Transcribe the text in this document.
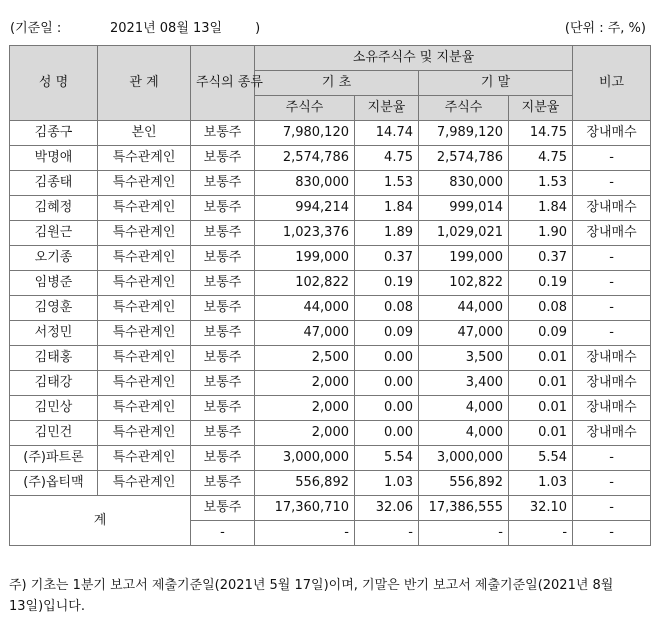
(기준일 :	2021년 08월 13일        )	(단위 : 주, %)
성 명	관 계	주식의 종류	소유주식수 및 지분율				비고
			기 초		기 말		
			주식수	지분율	주식수	지분율	
김종구	본인	보통주	7,980,120	14.74	7,989,120	14.75	장내매수
박명애	특수관계인	보통주	2,574,786	4.75	2,574,786	4.75	-
김종태	특수관계인	보통주	830,000	1.53	830,000	1.53	-
김혜정	특수관계인	보통주	994,214	1.84	999,014	1.84	장내매수
김원근	특수관계인	보통주	1,023,376	1.89	1,029,021	1.90	장내매수
오기종	특수관계인	보통주	199,000	0.37	199,000	0.37	-
임병준	특수관계인	보통주	102,822	0.19	102,822	0.19	-
김영훈	특수관계인	보통주	44,000	0.08	44,000	0.08	-
서정민	특수관계인	보통주	47,000	0.09	47,000	0.09	-
김태홍	특수관계인	보통주	2,500	0.00	3,500	0.01	장내매수
김태강	특수관계인	보통주	2,000	0.00	3,400	0.01	장내매수
김민상	특수관계인	보통주	2,000	0.00	4,000	0.01	장내매수
김민건	특수관계인	보통주	2,000	0.00	4,000	0.01	장내매수
(주)파트론	특수관계인	보통주	3,000,000	5.54	3,000,000	5.54	-
(주)옵티맥	특수관계인	보통주	556,892	1.03	556,892	1.03	-
계		보통주	17,360,710	32.06	17,386,555	32.10	-
		-	-	-	-	-	-
주) 기초는 1분기 보고서 제출기준일(2021년 5월 17일)이며, 기말은 반기 보고서 제출기준일(2021년 8월 13일)입니다.
